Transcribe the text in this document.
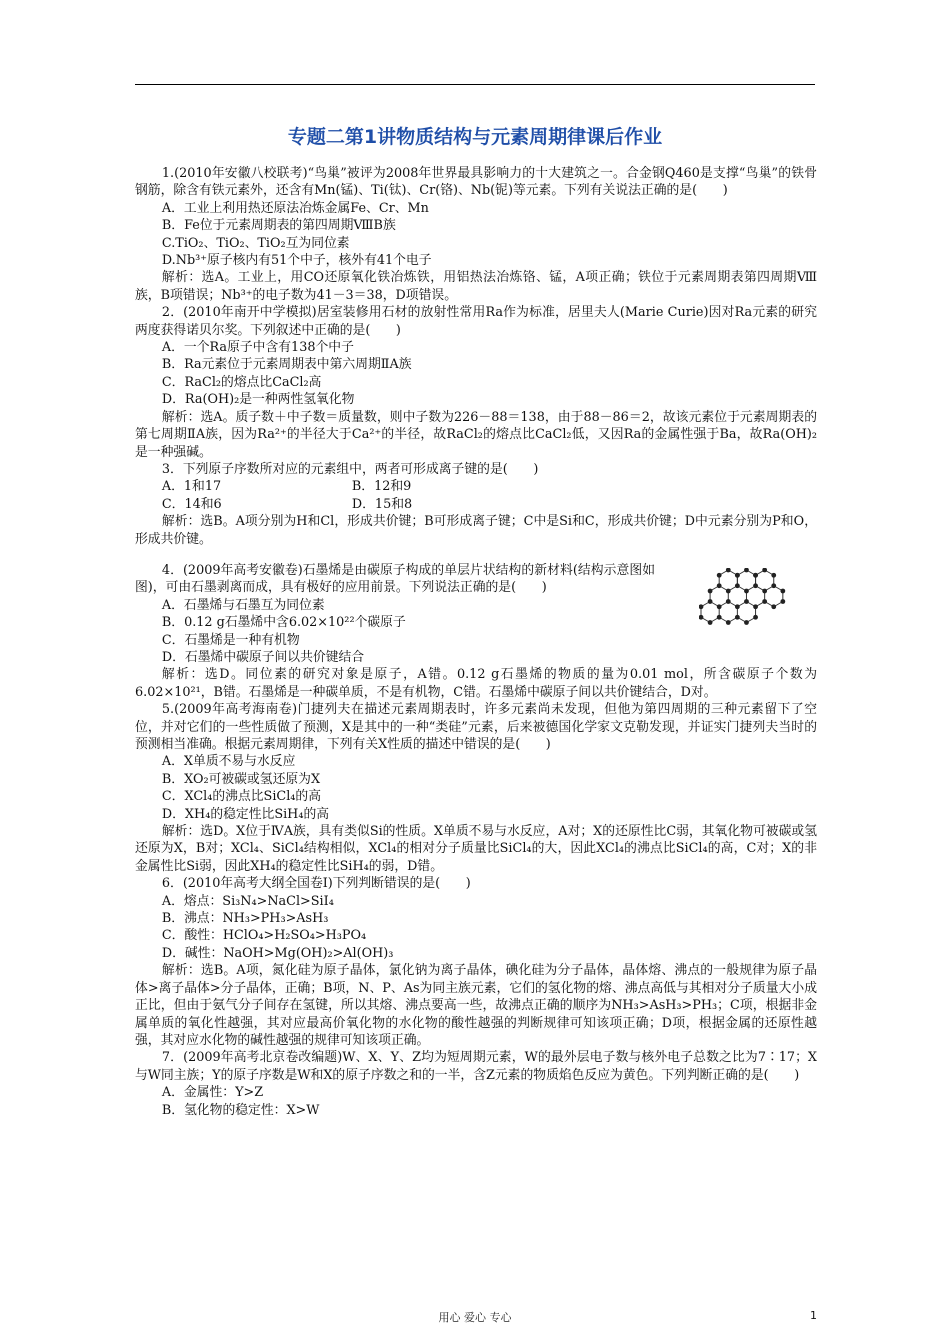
专题二第1讲物质结构与元素周期律课后作业

1.(2010年安徽八校联考)“鸟巢”被评为2008年世界最具影响力的十大建筑之一。合金钢Q460是支撑“鸟巢”的铁骨钢筋，除含有铁元素外，还含有Mn(锰)、Ti(钛)、Cr(铬)、Nb(铌)等元素。下列有关说法正确的是(　　)

A．工业上利用热还原法冶炼金属Fe、Cr、Mn

B．Fe位于元素周期表的第四周期ⅧB族

C.TiO₂、TiO₂、TiO₂互为同位素

D.Nb³⁺原子核内有51个中子，核外有41个电子

解析：选A。工业上，用CO还原氧化铁冶炼铁，用铝热法冶炼铬、锰，A项正确；铁位于元素周期表第四周期Ⅷ族，B项错误；Nb³⁺的电子数为41－3＝38，D项错误。

2．(2010年南开中学模拟)居室装修用石材的放射性常用Ra作为标准，居里夫人(Marie Curie)因对Ra元素的研究两度获得诺贝尔奖。下列叙述中正确的是(　　)

A．一个Ra原子中含有138个中子

B．Ra元素位于元素周期表中第六周期ⅡA族

C．RaCl₂的熔点比CaCl₂高

D．Ra(OH)₂是一种两性氢氧化物

解析：选A。质子数＋中子数＝质量数，则中子数为226－88＝138，由于88－86＝2，故该元素位于元素周期表的第七周期ⅡA族，因为Ra²⁺的半径大于Ca²⁺的半径，故RaCl₂的熔点比CaCl₂低，又因Ra的金属性强于Ba，故Ra(OH)₂是一种强碱。

3．下列原子序数所对应的元素组中，两者可形成离子键的是(　　)

A．1和17	B．12和9
C．14和6	D．15和8

解析：选B。A项分别为H和Cl，形成共价键；B可形成离子键；C中是Si和C，形成共价键；D中元素分别为P和O，形成共价键。

4．(2009年高考安徽卷)石墨烯是由碳原子构成的单层片状结构的新材料(结构示意图如图)，可由石墨剥离而成，具有极好的应用前景。下列说法正确的是(　　)

A．石墨烯与石墨互为同位素

B．0.12 g石墨烯中含6.02×10²²个碳原子

C．石墨烯是一种有机物

D．石墨烯中碳原子间以共价键结合

解析：选D。同位素的研究对象是原子，A错。0.12 g石墨烯的物质的量为0.01 mol，所含碳原子个数为6.02×10²¹，B错。石墨烯是一种碳单质，不是有机物，C错。石墨烯中碳原子间以共价键结合，D对。

5.(2009年高考海南卷)门捷列夫在描述元素周期表时，许多元素尚未发现，但他为第四周期的三种元素留下了空位，并对它们的一些性质做了预测，X是其中的一种“类硅”元素，后来被德国化学家文克勒发现，并证实门捷列夫当时的预测相当准确。根据元素周期律，下列有关X性质的描述中错误的是(　　)

A．X单质不易与水反应

B．XO₂可被碳或氢还原为X

C．XCl₄的沸点比SiCl₄的高

D．XH₄的稳定性比SiH₄的高

解析：选D。X位于ⅣA族，具有类似Si的性质。X单质不易与水反应，A对；X的还原性比C弱，其氧化物可被碳或氢还原为X，B对；XCl₄、SiCl₄结构相似，XCl₄的相对分子质量比SiCl₄的大，因此XCl₄的沸点比SiCl₄的高，C对；X的非金属性比Si弱，因此XH₄的稳定性比SiH₄的弱，D错。

6．(2010年高考大纲全国卷Ⅰ)下列判断错误的是(　　)

A．熔点：Si₃N₄>NaCl>SiI₄

B．沸点：NH₃>PH₃>AsH₃

C．酸性：HClO₄>H₂SO₄>H₃PO₄

D．碱性：NaOH>Mg(OH)₂>Al(OH)₃

解析：选B。A项，氮化硅为原子晶体，氯化钠为离子晶体，碘化硅为分子晶体，晶体熔、沸点的一般规律为原子晶体>离子晶体>分子晶体，正确；B项，N、P、As为同主族元素，它们的氢化物的熔、沸点高低与其相对分子质量大小成正比，但由于氨气分子间存在氢键，所以其熔、沸点要高一些，故沸点正确的顺序为NH₃>AsH₃>PH₃；C项，根据非金属单质的氧化性越强，其对应最高价氧化物的水化物的酸性越强的判断规律可知该项正确；D项，根据金属的还原性越强，其对应水化物的碱性越强的规律可知该项正确。

7．(2009年高考北京卷改编题)W、X、Y、Z均为短周期元素，W的最外层电子数与核外电子总数之比为7∶17；X与W同主族；Y的原子序数是W和X的原子序数之和的一半，含Z元素的物质焰色反应为黄色。下列判断正确的是(　　)

A．金属性：Y>Z

B．氢化物的稳定性：X>W

用心 爱心 专心	1
